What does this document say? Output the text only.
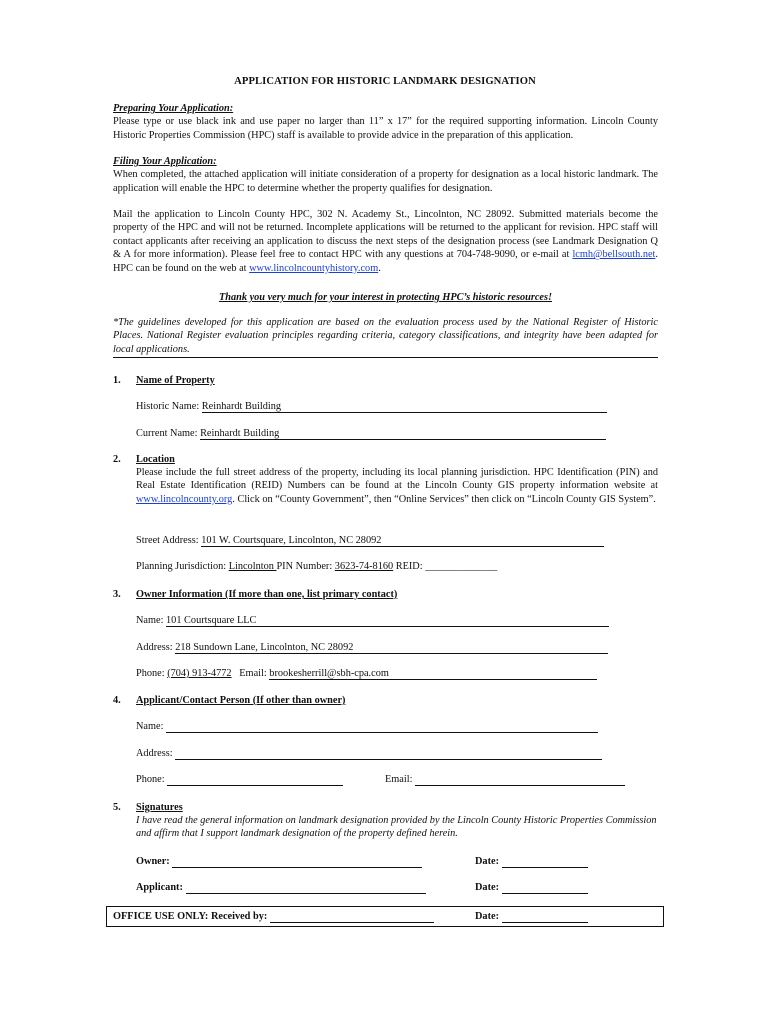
APPLICATION FOR HISTORIC LANDMARK DESIGNATION
Preparing Your Application:
Please type or use black ink and use paper no larger than 11” x 17” for the required supporting information. Lincoln County Historic Properties Commission (HPC) staff is available to provide advice in the preparation of this application.
Filing Your Application:
When completed, the attached application will initiate consideration of a property for designation as a local historic landmark. The application will enable the HPC to determine whether the property qualifies for designation.
Mail the application to Lincoln County HPC, 302 N. Academy St., Lincolnton, NC 28092. Submitted materials become the property of the HPC and will not be returned. Incomplete applications will be returned to the applicant for revision. HPC staff will contact applicants after receiving an application to discuss the next steps of the designation process (see Landmark Designation Q & A for more information). Please feel free to contact HPC with any questions at 704-748-9090, or e-mail at lcmh@bellsouth.net. HPC can be found on the web at www.lincolncountyhistory.com.
Thank you very much for your interest in protecting HPC’s historic resources!
*The guidelines developed for this application are based on the evaluation process used by the National Register of Historic Places. National Register evaluation principles regarding criteria, category classifications, and integrity have been adapted for local applications.
1. Name of Property
Historic Name: Reinhardt Building
Current Name: Reinhardt Building
2. Location
Please include the full street address of the property, including its local planning jurisdiction. HPC Identification (PIN) and Real Estate Identification (REID) Numbers can be found at the Lincoln County GIS property information website at www.lincolncounty.org. Click on “County Government”, then “Online Services” then click on “Lincoln County GIS System”.
Street Address: 101 W. Courtsquare, Lincolnton, NC 28092
Planning Jurisdiction: Lincolnton PIN Number: 3623-74-8160 REID: ______________
3. Owner Information (If more than one, list primary contact)
Name: 101 Courtsquare LLC
Address: 218 Sundown Lane, Lincolnton, NC 28092
Phone: (704) 913-4772   Email: brookesherrill@sbh-cpa.com
4. Applicant/Contact Person (If other than owner)
Name:
Address:
Phone:	Email:
5. Signatures
I have read the general information on landmark designation provided by the Lincoln County Historic Properties Commission and affirm that I support landmark designation of the property defined herein.
Owner:	Date:
Applicant:	Date:
OFFICE USE ONLY: Received by:	Date:
